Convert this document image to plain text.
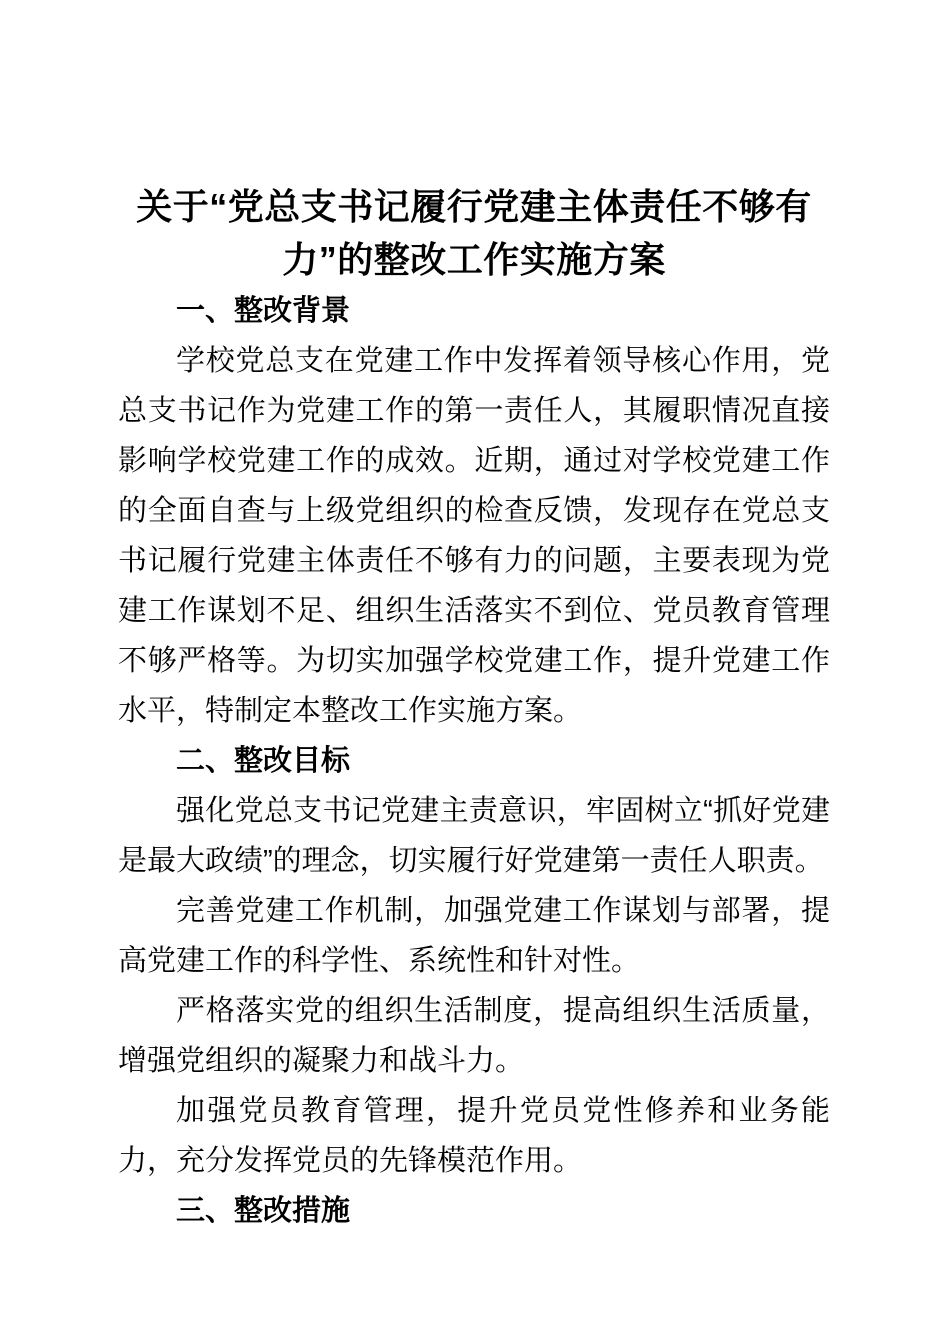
关于“党总支书记履行党建主体责任不够有力”的整改工作实施方案
一、整改背景

学校党总支在党建工作中发挥着领导核心作用，党总支书记作为党建工作的第一责任人，其履职情况直接影响学校党建工作的成效。近期，通过对学校党建工作的全面自查与上级党组织的检查反馈，发现存在党总支书记履行党建主体责任不够有力的问题，主要表现为党建工作谋划不足、组织生活落实不到位、党员教育管理不够严格等。为切实加强学校党建工作，提升党建工作水平，特制定本整改工作实施方案。

二、整改目标

强化党总支书记党建主责意识，牢固树立“抓好党建是最大政绩”的理念，切实履行好党建第一责任人职责。

完善党建工作机制，加强党建工作谋划与部署，提高党建工作的科学性、系统性和针对性。

严格落实党的组织生活制度，提高组织生活质量，增强党组织的凝聚力和战斗力。

加强党员教育管理，提升党员党性修养和业务能力，充分发挥党员的先锋模范作用。

三、整改措施
